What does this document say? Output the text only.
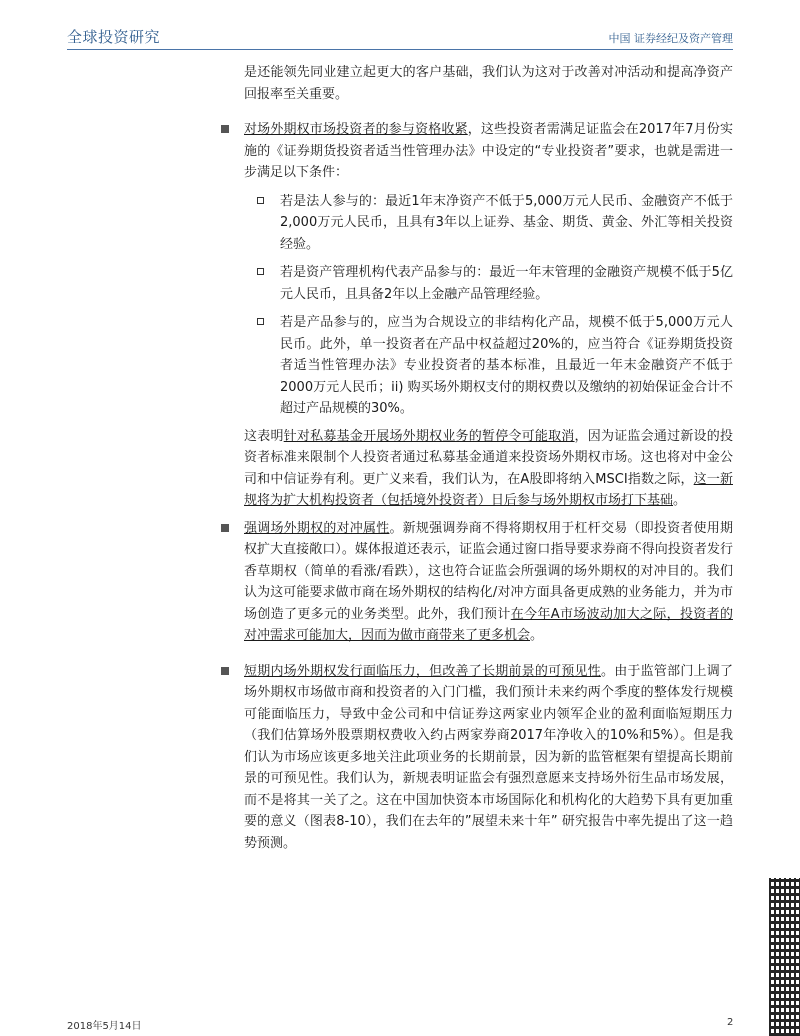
全球投资研究	中国 证券经纪及资产管理

是还能领先同业建立起更大的客户基础，我们认为这对于改善对冲活动和提高净资产回报率至关重要。

对场外期权市场投资者的参与资格收紧，这些投资者需满足证监会在2017年7月份实施的《证券期货投资者适当性管理办法》中设定的“专业投资者”要求，也就是需进一步满足以下条件：

若是法人参与的：最近1年末净资产不低于5,000万元人民币、金融资产不低于2,000万元人民币，且具有3年以上证券、基金、期货、黄金、外汇等相关投资经验。

若是资产管理机构代表产品参与的：最近一年末管理的金融资产规模不低于5亿元人民币，且具备2年以上金融产品管理经验。

若是产品参与的，应当为合规设立的非结构化产品，规模不低于5,000万元人民币。此外，单一投资者在产品中权益超过20%的，应当符合《证券期货投资者适当性管理办法》专业投资者的基本标准，且最近一年末金融资产不低于2000万元人民币；ii) 购买场外期权支付的期权费以及缴纳的初始保证金合计不超过产品规模的30%。

这表明针对私募基金开展场外期权业务的暂停令可能取消，因为证监会通过新设的投资者标准来限制个人投资者通过私募基金通道来投资场外期权市场。这也将对中金公司和中信证券有利。更广义来看，我们认为，在A股即将纳入MSCI指数之际，这一新规将为扩大机构投资者（包括境外投资者）日后参与场外期权市场打下基础。

强调场外期权的对冲属性。新规强调券商不得将期权用于杠杆交易（即投资者使用期权扩大直接敞口）。媒体报道还表示，证监会通过窗口指导要求券商不得向投资者发行香草期权（简单的看涨/看跌），这也符合证监会所强调的场外期权的对冲目的。我们认为这可能要求做市商在场外期权的结构化/对冲方面具备更成熟的业务能力，并为市场创造了更多元的业务类型。此外，我们预计在今年A市场波动加大之际，投资者的对冲需求可能加大，因而为做市商带来了更多机会。

短期内场外期权发行面临压力，但改善了长期前景的可预见性。由于监管部门上调了场外期权市场做市商和投资者的入门门槛，我们预计未来约两个季度的整体发行规模可能面临压力，导致中金公司和中信证券这两家业内领军企业的盈利面临短期压力（我们估算场外股票期权费收入约占两家券商2017年净收入的10%和5%）。但是我们认为市场应该更多地关注此项业务的长期前景，因为新的监管框架有望提高长期前景的可预见性。我们认为，新规表明证监会有强烈意愿来支持场外衍生品市场发展，而不是将其一关了之。这在中国加快资本市场国际化和机构化的大趋势下具有更加重要的意义（图表8-10），我们在去年的”展望未来十年” 研究报告中率先提出了这一趋势预测。

2018年5月14日	2
